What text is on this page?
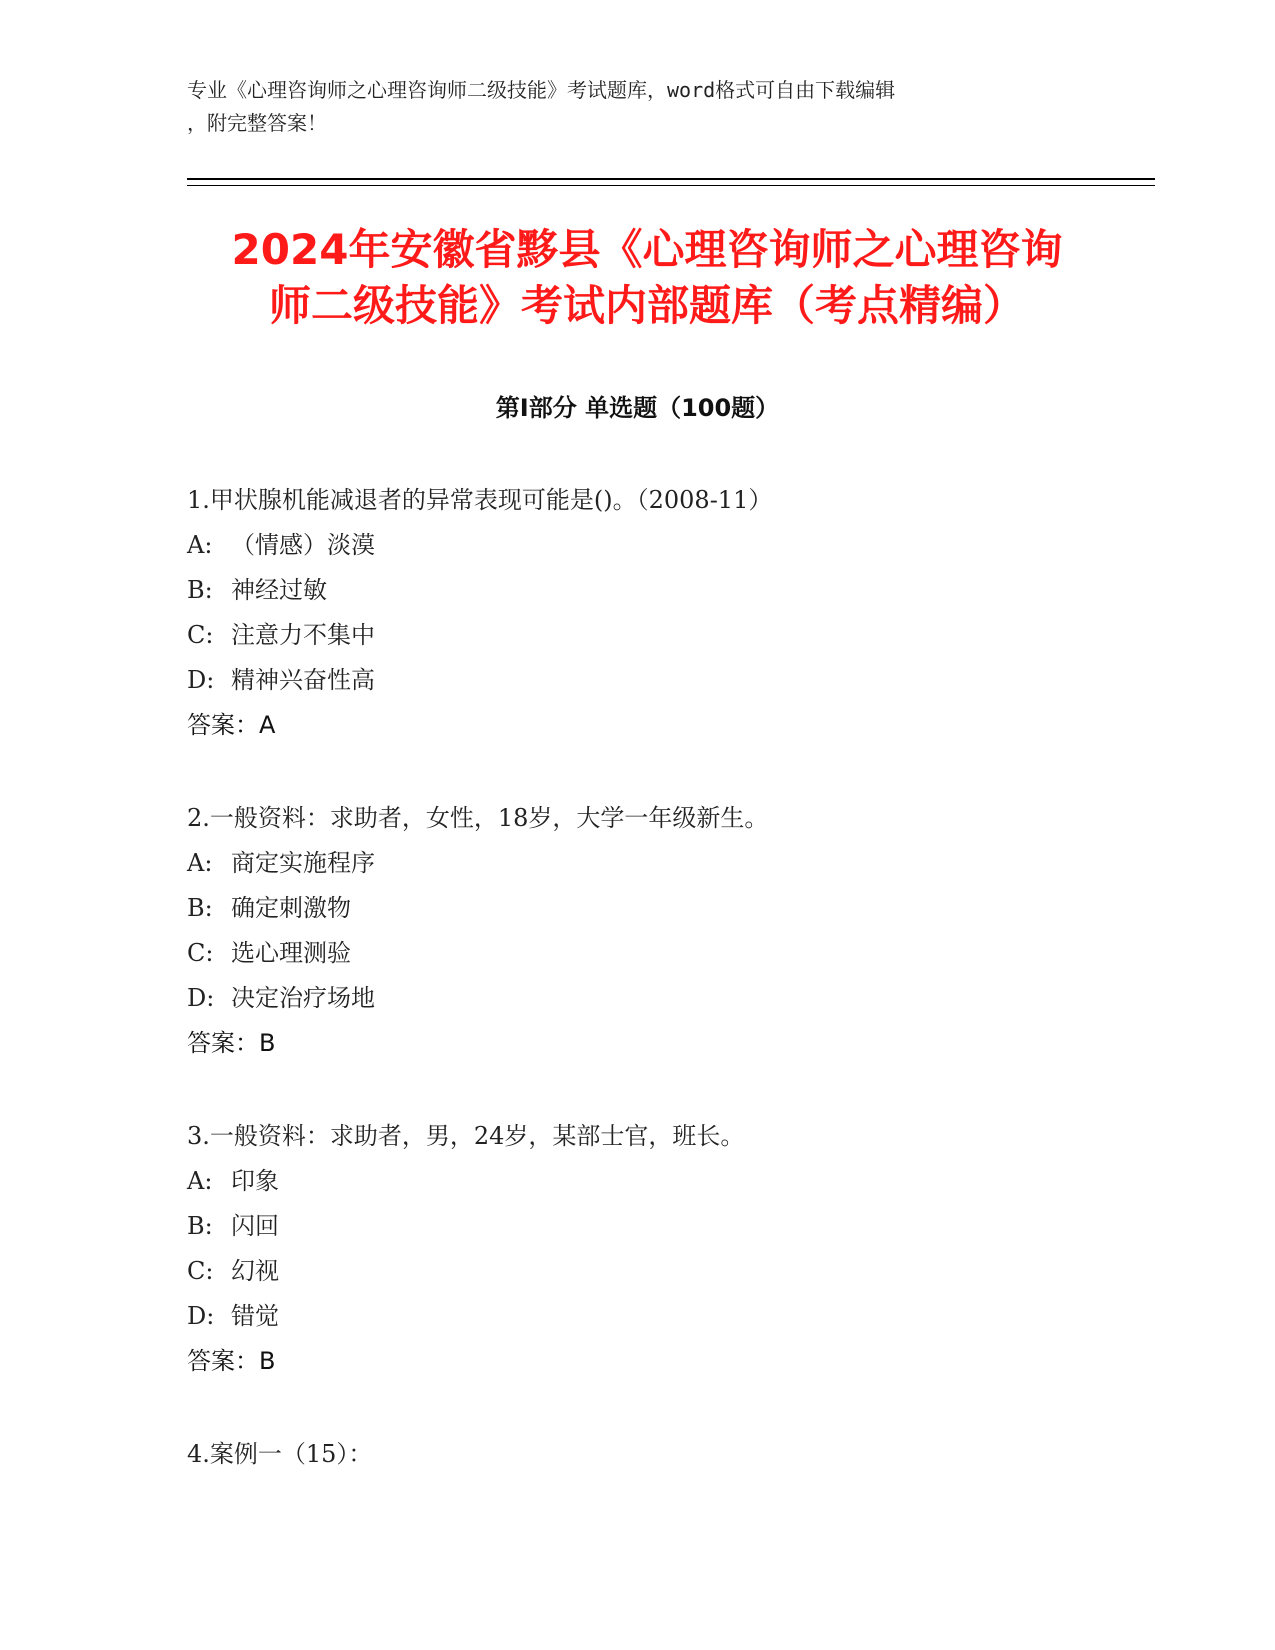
专业《心理咨询师之心理咨询师二级技能》考试题库，word格式可自由下载编辑
，附完整答案！
2024年安徽省黟县《心理咨询师之心理咨询
师二级技能》考试内部题库（考点精编）
第Ⅰ部分 单选题（100题）
1.甲状腺机能减退者的异常表现可能是()。（2008-11）
A: （情感）淡漠
B: 神经过敏
C: 注意力不集中
D: 精神兴奋性高
答案：A
2.一般资料：求助者，女性，18岁，大学一年级新生。
A: 商定实施程序
B: 确定刺激物
C: 选心理测验
D: 决定治疗场地
答案：B
3.一般资料：求助者，男，24岁，某部士官，班长。
A: 印象
B: 闪回
C: 幻视
D: 错觉
答案：B
4.案例一（15）：
